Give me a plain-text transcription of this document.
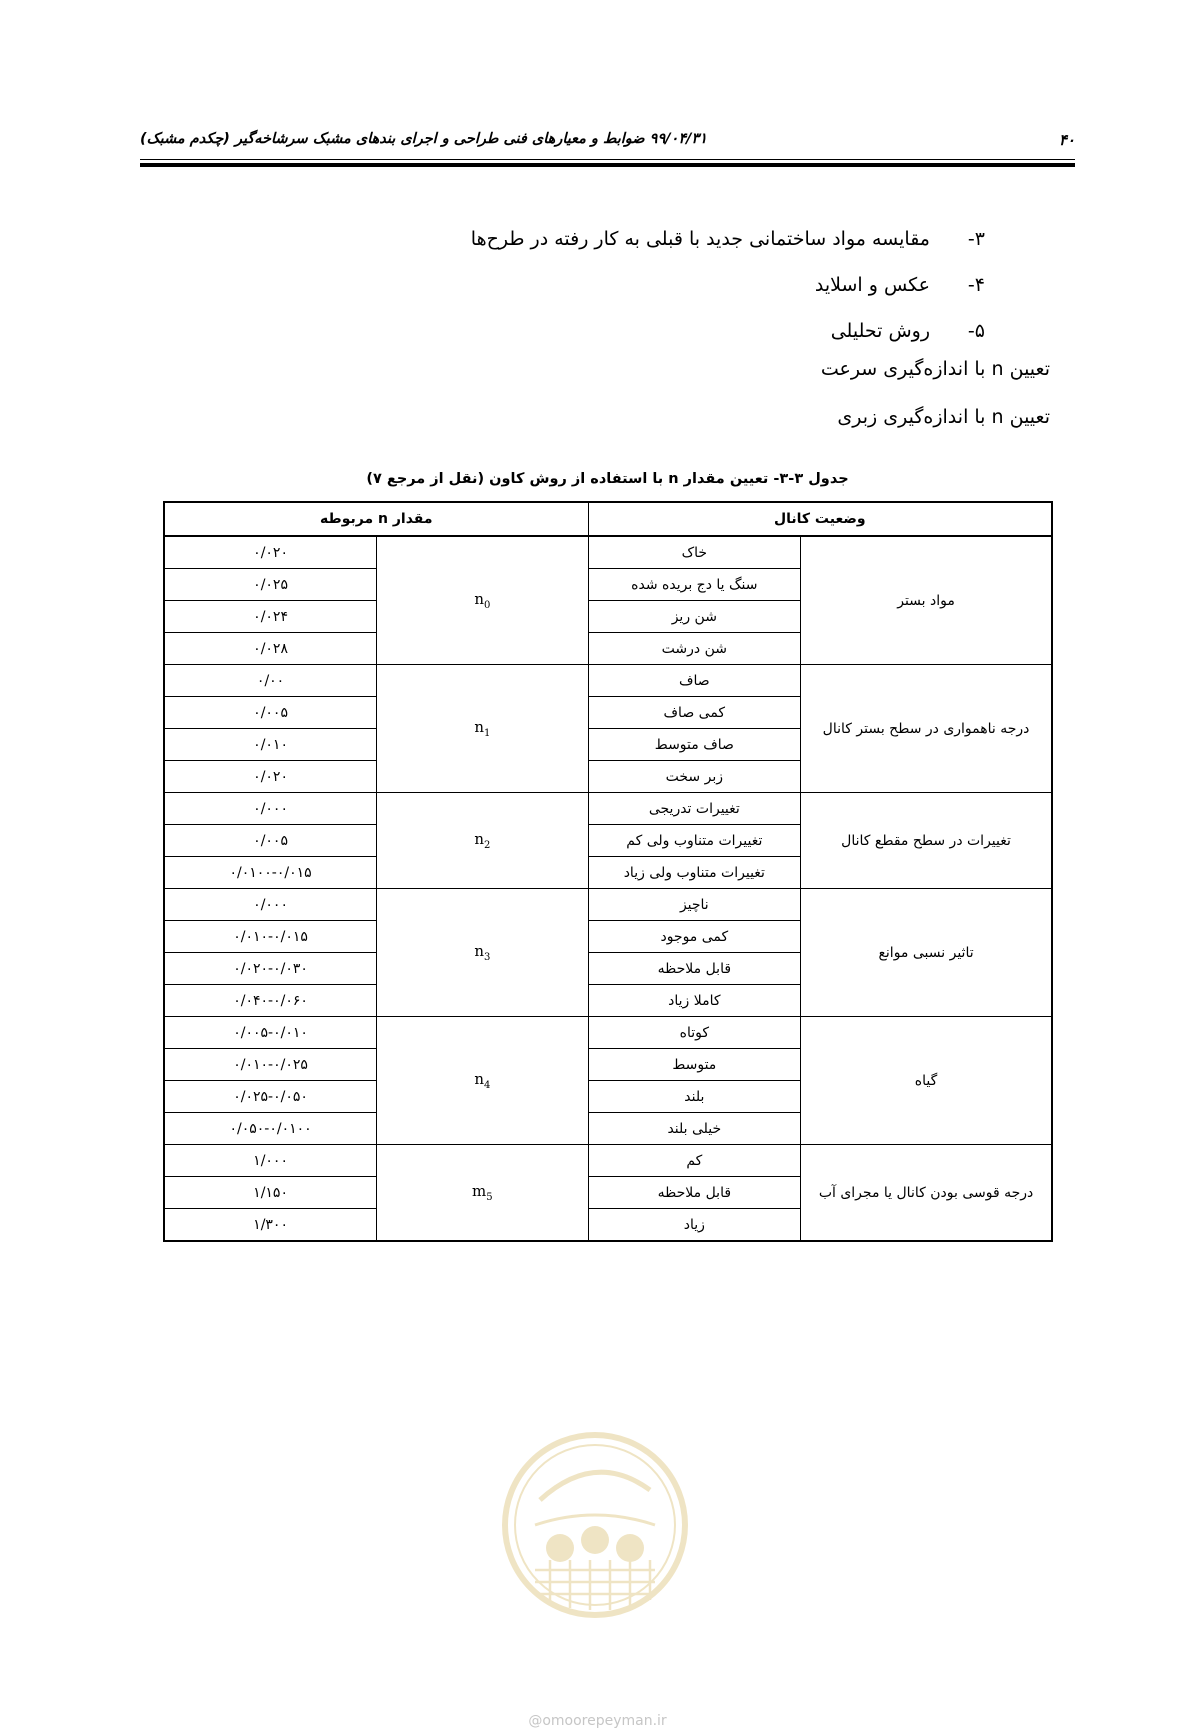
۴۰
۹۹/۰۴/۳۱ ضوابط و معیارهای فنی طراحی و اجرای بندهای مشبک سرشاخه‌گیر (چکدم مشبک)
۳-
مقایسه مواد ساختمانی جدید با قبلی به کار رفته در طرح‌ها
۴-
عکس و اسلاید
۵-
روش تحلیلی
تعیین n با اندازه‌گیری سرعت
تعیین n با اندازه‌گیری زبری
جدول ۳-۳- تعیین مقدار n با استفاده از روش کاون (نقل از مرجع ۷)
وضعیت کانال		مقدار n مربوطه	
مواد بستر	خاک	$n_0$	۰/۰۲۰
	سنگ یا دج بریده شده		۰/۰۲۵
	شن ریز		۰/۰۲۴
	شن درشت		۰/۰۲۸
درجه ناهمواری در سطح بستر کانال	صاف	$n_1$	۰/۰۰
	کمی صاف		۰/۰۰۵
	صاف متوسط		۰/۰۱۰
	زبر سخت		۰/۰۲۰
تغییرات در سطح مقطع کانال	تغییرات تدریجی	$n_2$	۰/۰۰۰
	تغییرات متناوب ولی کم		۰/۰۰۵
	تغییرات متناوب ولی زیاد		۰/۰۱۰۰-۰/۰۱۵
تاثیر نسبی موانع	ناچیز	$n_3$	۰/۰۰۰
	کمی موجود		۰/۰۱۰-۰/۰۱۵
	قابل ملاحظه		۰/۰۲۰-۰/۰۳۰
	کاملا زیاد		۰/۰۴۰-۰/۰۶۰
گیاه	کوتاه	$n_4$	۰/۰۰۵-۰/۰۱۰
	متوسط		۰/۰۱۰-۰/۰۲۵
	بلند		۰/۰۲۵-۰/۰۵۰
	خیلی بلند		۰/۰۵۰-۰/۰۱۰۰
درجه قوسی بودن کانال یا مجرای آب	کم	$m_5$	۱/۰۰۰
	قابل ملاحظه		۱/۱۵۰
	زیاد		۱/۳۰۰
@omoorepeyman.ir
